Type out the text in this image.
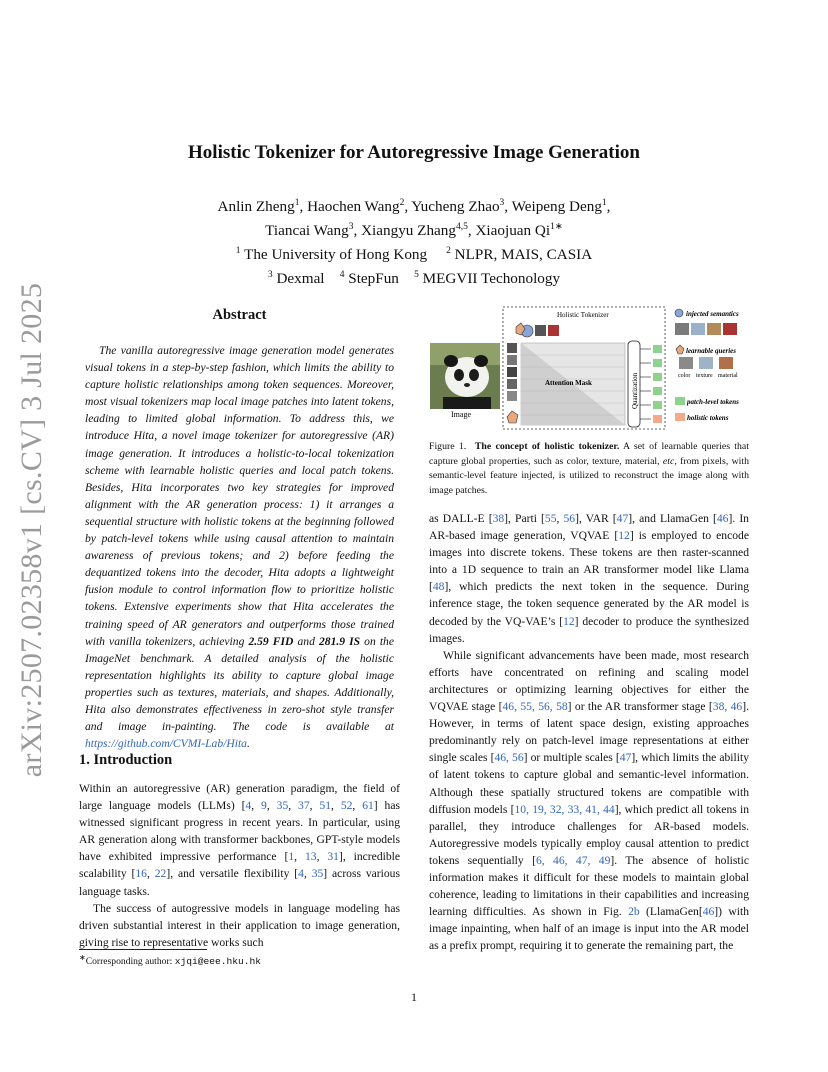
arXiv:2507.02358v1 [cs.CV] 3 Jul 2025
Holistic Tokenizer for Autoregressive Image Generation
Anlin Zheng$^1$, Haochen Wang$^2$, Yucheng Zhao$^3$, Weipeng Deng$^1$,
Tiancai Wang$^3$, Xiangyu Zhang$^{4,5}$, Xiaojuan $Qi^{1∗}$
$^1$ The University of Hong Kong $^2$ NLPR, MAIS, CASIA
$^3$ Dexmal $^4$ StepFun $^5$ MEGVII Techonology
Abstract

The vanilla autoregressive image generation model generates visual tokens in a step-by-step fashion, which limits the ability to capture holistic relationships among token sequences. Moreover, most visual tokenizers map local image patches into latent tokens, leading to limited global information. To address this, we introduce Hita, a novel image tokenizer for autoregressive (AR) image generation. It introduces a holistic-to-local tokenization scheme with learnable holistic queries and local patch tokens. Besides, Hita incorporates two key strategies for improved alignment with the AR generation process: 1) it arranges a sequential structure with holistic tokens at the beginning followed by patch-level tokens while using causal attention to maintain awareness of previous tokens; and 2) before feeding the dequantized tokens into the decoder, Hita adopts a lightweight fusion module to control information flow to prioritize holistic tokens. Extensive experiments show that Hita accelerates the training speed of AR generators and outperforms those trained with vanilla tokenizers, achieving 2.59 FID and 281.9 IS on the ImageNet benchmark. A detailed analysis of the holistic representation highlights its ability to capture global image properties such as textures, materials, and shapes. Additionally, Hita also demonstrates effectiveness in zero-shot style transfer and image in-painting. The code is available at https://github.com/CVMI-Lab/Hita.

1. Introduction

Within an autoregressive (AR) generation paradigm, the field of large language models (LLMs) [4, 9, 35, 37, 51, 52, 61] has witnessed significant progress in recent years. In particular, using AR generation along with transformer backbones, GPT-style models have exhibited impressive performance [1, 13, 31], incredible scalability [16, 22], and versatile flexibility [4, 35] across various language tasks.

The success of autogressive models in language modeling has driven substantial interest in their application to image generation, giving rise to representative works such

∗Corresponding author: xjqi@eee.hku.hk
1
Image
Holistic Tokenizer
Attention Mask	Quantization
injected semantics
learnable queries
color texture material
patch-level tokens
holistic tokens
Figure 1. The concept of holistic tokenizer. A set of learnable queries that capture global properties, such as color, texture, material, etc, from pixels, with semantic-level feature injected, is utilized to reconstruct the image along with image patches.

as DALL-E [38], Parti [55, 56], VAR [47], and LlamaGen [46]. In AR-based image generation, VQVAE [12] is employed to encode images into discrete tokens. These tokens are then raster-scanned into a 1D sequence to train an AR transformer model like Llama [48], which predicts the next token in the sequence. During inference stage, the token sequence generated by the AR model is decoded by the VQ-VAE’s [12] decoder to produce the synthesized images.

While significant advancements have been made, most research efforts have concentrated on refining and scaling model architectures or optimizing learning objectives for either the VQVAE stage [46, 55, 56, 58] or the AR transformer stage [38, 46]. However, in terms of latent space design, existing approaches predominantly rely on patch-level image representations at either single scales [46, 56] or multiple scales [47], which limits the ability of latent tokens to capture global and semantic-level information. Although these spatially structured tokens are compatible with diffusion models [10, 19, 32, 33, 41, 44], which predict all tokens in parallel, they introduce challenges for AR-based models. Autoregressive models typically employ causal attention to predict tokens sequentially [6, 46, 47, 49]. The absence of holistic information makes it difficult for these models to maintain global coherence, leading to limitations in their capabilities and increasing learning difficulties. As shown in Fig. 2b (LlamaGen[46]) with image inpainting, when half of an image is input into the AR model as a prefix prompt, requiring it to generate the remaining part, the
